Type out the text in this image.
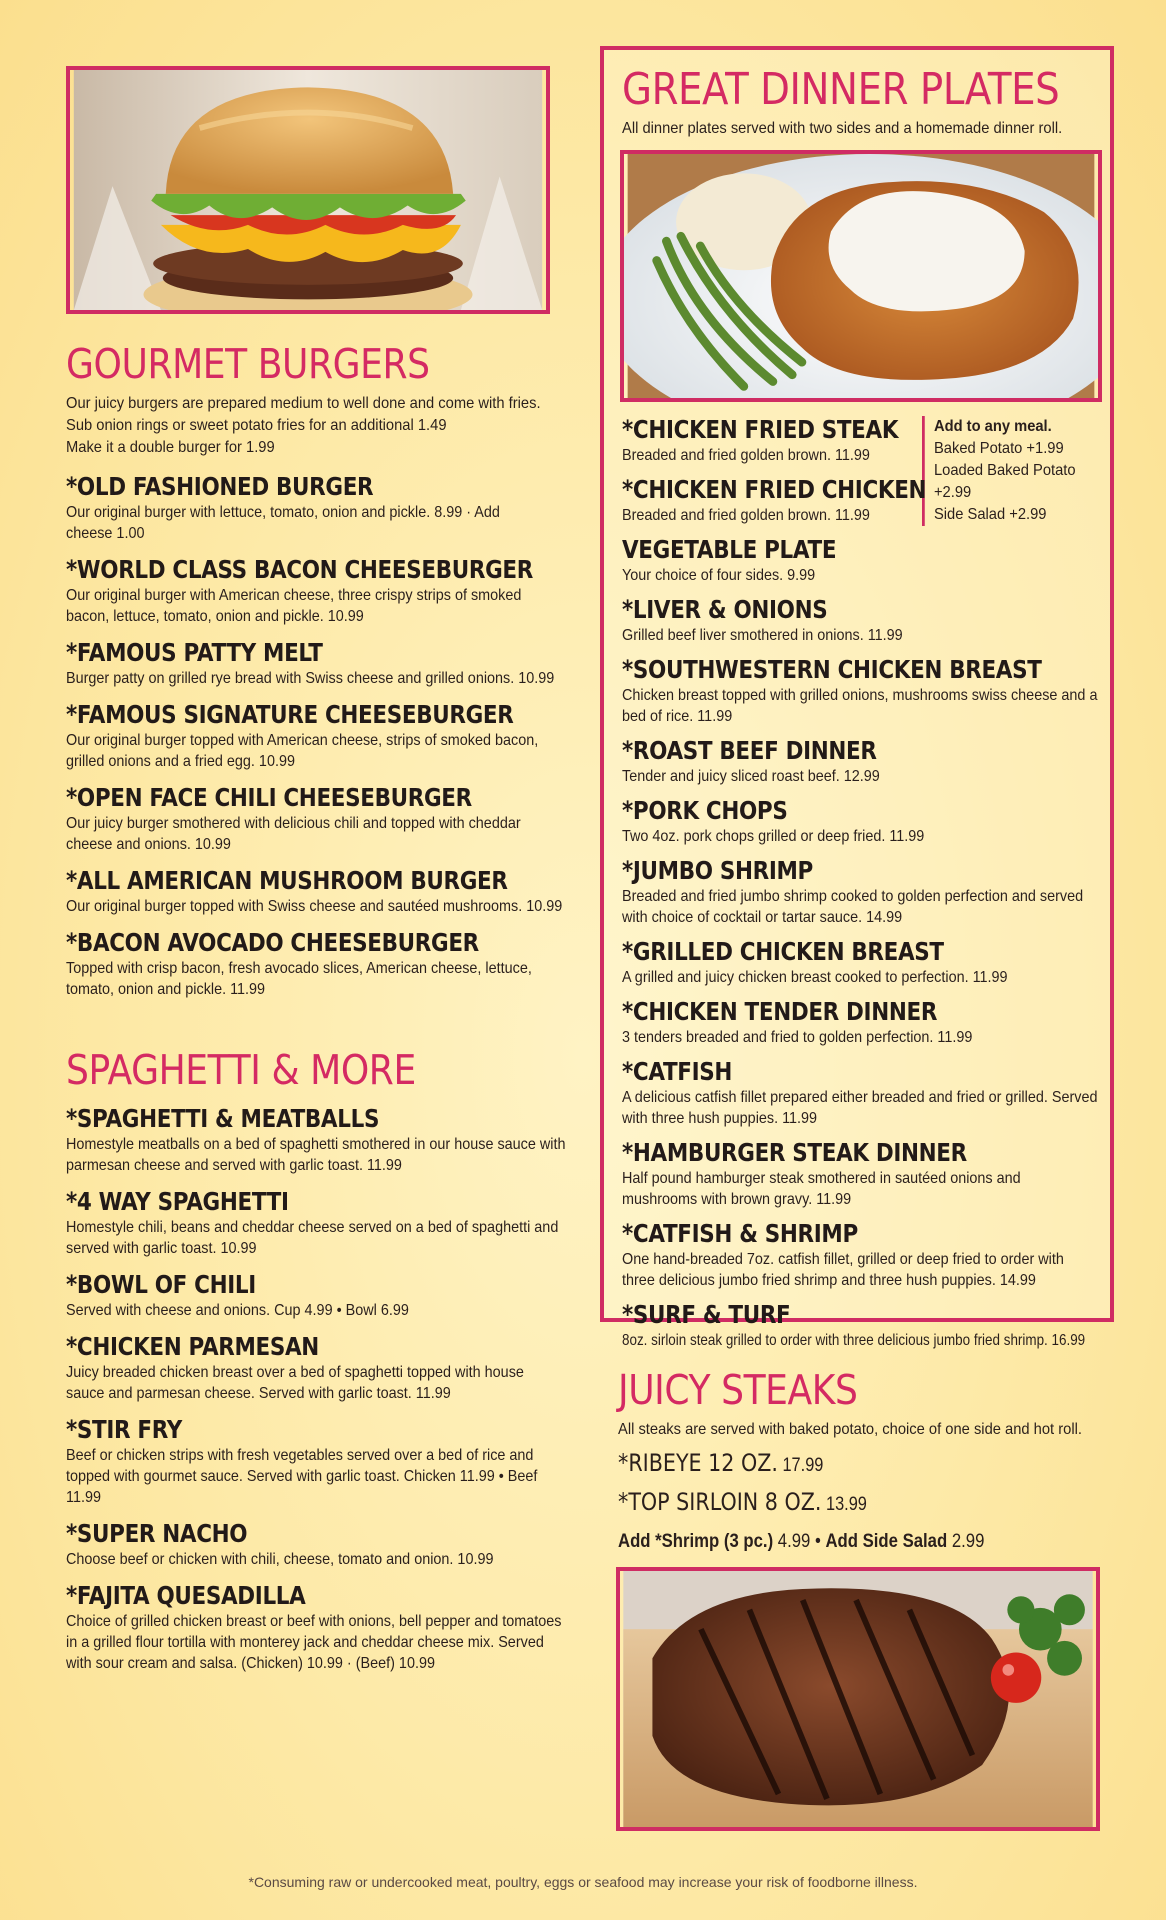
GOURMET BURGERS

Our juicy burgers are prepared medium to well done and come with fries.

Sub onion rings or sweet potato fries for an additional 1.49

Make it a double burger for 1.99

*OLD FASHIONED BURGER

Our original burger with lettuce, tomato, onion and pickle. 8.99 · Add cheese 1.00

*WORLD CLASS BACON CHEESEBURGER

Our original burger with American cheese, three crispy strips of smoked bacon, lettuce, tomato, onion and pickle. 10.99

*FAMOUS PATTY MELT

Burger patty on grilled rye bread with Swiss cheese and grilled onions. 10.99

*FAMOUS SIGNATURE CHEESEBURGER

Our original burger topped with American cheese, strips of smoked bacon, grilled onions and a fried egg. 10.99

*OPEN FACE CHILI CHEESEBURGER

Our juicy burger smothered with delicious chili and topped with cheddar cheese and onions. 10.99

*ALL AMERICAN MUSHROOM BURGER

Our original burger topped with Swiss cheese and sautéed mushrooms. 10.99

*BACON AVOCADO CHEESEBURGER

Topped with crisp bacon, fresh avocado slices, American cheese, lettuce, tomato, onion and pickle. 11.99

SPAGHETTI & MORE
*SPAGHETTI & MEATBALLS

Homestyle meatballs on a bed of spaghetti smothered in our house sauce with parmesan cheese and served with garlic toast. 11.99

*4 WAY SPAGHETTI

Homestyle chili, beans and cheddar cheese served on a bed of spaghetti and served with garlic toast. 10.99

*BOWL OF CHILI

Served with cheese and onions. Cup 4.99 • Bowl 6.99

*CHICKEN PARMESAN

Juicy breaded chicken breast over a bed of spaghetti topped with house sauce and parmesan cheese. Served with garlic toast. 11.99

*STIR FRY

Beef or chicken strips with fresh vegetables served over a bed of rice and topped with gourmet sauce. Served with garlic toast. Chicken 11.99 • Beef 11.99

*SUPER NACHO

Choose beef or chicken with chili, cheese, tomato and onion. 10.99

*FAJITA QUESADILLA

Choice of grilled chicken breast or beef with onions, bell pepper and tomatoes in a grilled flour tortilla with monterey jack and cheddar cheese mix. Served with sour cream and salsa. (Chicken) 10.99 · (Beef) 10.99

GREAT DINNER PLATES

All dinner plates served with two sides and a homemade dinner roll.

Add to any meal.
Baked Potato +1.99
Loaded Baked Potato +2.99
Side Salad +2.99
*CHICKEN FRIED STEAK

Breaded and fried golden brown. 11.99

*CHICKEN FRIED CHICKEN

Breaded and fried golden brown. 11.99

VEGETABLE PLATE

Your choice of four sides. 9.99

*LIVER & ONIONS

Grilled beef liver smothered in onions. 11.99

*SOUTHWESTERN CHICKEN BREAST

Chicken breast topped with grilled onions, mushrooms swiss cheese and a bed of rice. 11.99

*ROAST BEEF DINNER

Tender and juicy sliced roast beef. 12.99

*PORK CHOPS

Two 4oz. pork chops grilled or deep fried. 11.99

*JUMBO SHRIMP

Breaded and fried jumbo shrimp cooked to golden perfection and served with choice of cocktail or tartar sauce. 14.99

*GRILLED CHICKEN BREAST

A grilled and juicy chicken breast cooked to perfection. 11.99

*CHICKEN TENDER DINNER

3 tenders breaded and fried to golden perfection. 11.99

*CATFISH

A delicious catfish fillet prepared either breaded and fried or grilled. Served with three hush puppies. 11.99

*HAMBURGER STEAK DINNER

Half pound hamburger steak smothered in sautéed onions and mushrooms with brown gravy. 11.99

*CATFISH & SHRIMP

One hand-breaded 7oz. catfish fillet, grilled or deep fried to order with three delicious jumbo fried shrimp and three hush puppies. 14.99

*SURF & TURF

8oz. sirloin steak grilled to order with three delicious jumbo fried shrimp. 16.99

JUICY STEAKS

All steaks are served with baked potato, choice of one side and hot roll.

*RIBEYE 12 OZ. 17.99

*TOP SIRLOIN 8 OZ. 13.99

Add *Shrimp (3 pc.) 4.99 • Add Side Salad 2.99

*Consuming raw or undercooked meat, poultry, eggs or seafood may increase your risk of foodborne illness.
